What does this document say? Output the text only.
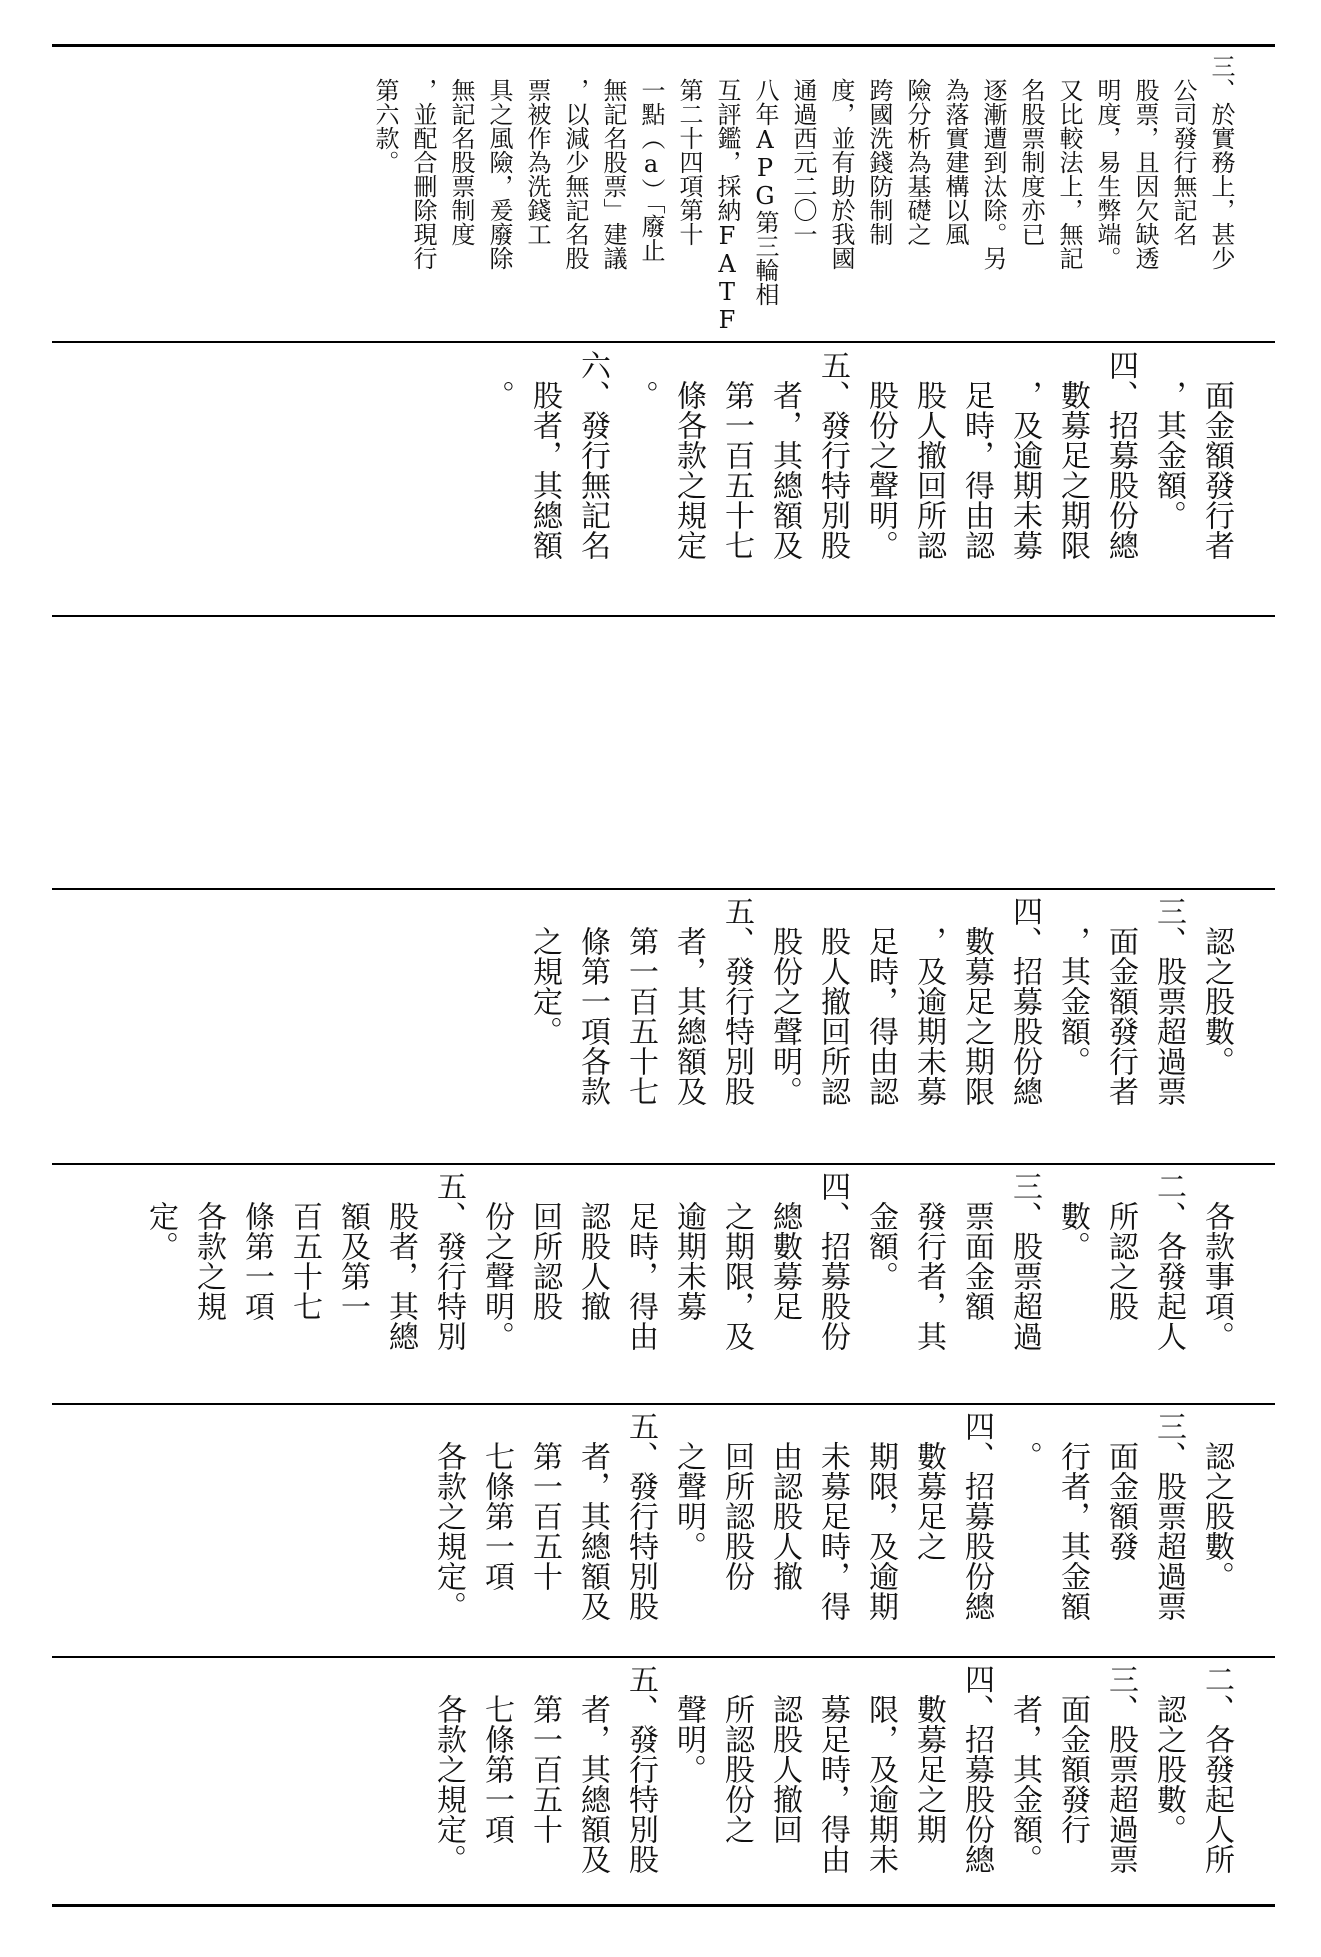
三、於實務上，甚少
　公司發行無記名
　股票，且因欠缺透
　明度，易生弊端。
　又比較法上，無記
　名股票制度亦已
　逐漸遭到汰除。另
　為落實建構以風
　險分析為基礎之
　跨國洗錢防制制
　度，並有助於我國
　通過西元二〇一
　八年APG第三輪相
　互評鑑，採納FATF
　第二十四項第十
　一點（a）「廢止
　無記名股票」建議
　，以減少無記名股
　票被作為洗錢工
　具之風險，爰廢除
　無記名股票制度
　，並配合刪除現行
　第六款。
　面金額發行者
　，其金額。
四、招募股份總
　數募足之期限
　，及逾期未募
　足時，得由認
　股人撤回所認
　股份之聲明。
五、發行特別股
　者，其總額及
　第一百五十七
　條各款之規定
　。
六、發行無記名
　股者，其總額
　。
　認之股數。
三、股票超過票
　面金額發行者
　，其金額。
四、招募股份總
　數募足之期限
　，及逾期未募
　足時，得由認
　股人撤回所認
　股份之聲明。
五、發行特別股
　者，其總額及
　第一百五十七
　條第一項各款
　之規定。
　各款事項。
二、各發起人
　所認之股
　數。
三、股票超過
　票面金額
　發行者，其
　金額。
四、招募股份
　總數募足
　之期限，及
　逾期未募
　足時，得由
　認股人撤
　回所認股
　份之聲明。
五、發行特別
　股者，其總
　額及第一
　百五十七
　條第一項
　各款之規
　定。
　認之股數。
三、股票超過票
　面金額發
　行者，其金額
　。
四、招募股份總
　數募足之
　期限，及逾期
　未募足時，得
　由認股人撤
　回所認股份
　之聲明。
五、發行特別股
　者，其總額及
　第一百五十
　七條第一項
　各款之規定。
二、各發起人所
　認之股數。
三、股票超過票
　面金額發行
　者，其金額。
四、招募股份總
　數募足之期
　限，及逾期未
　募足時，得由
　認股人撤回
　所認股份之
　聲明。
五、發行特別股
　者，其總額及
　第一百五十
　七條第一項
　各款之規定。
